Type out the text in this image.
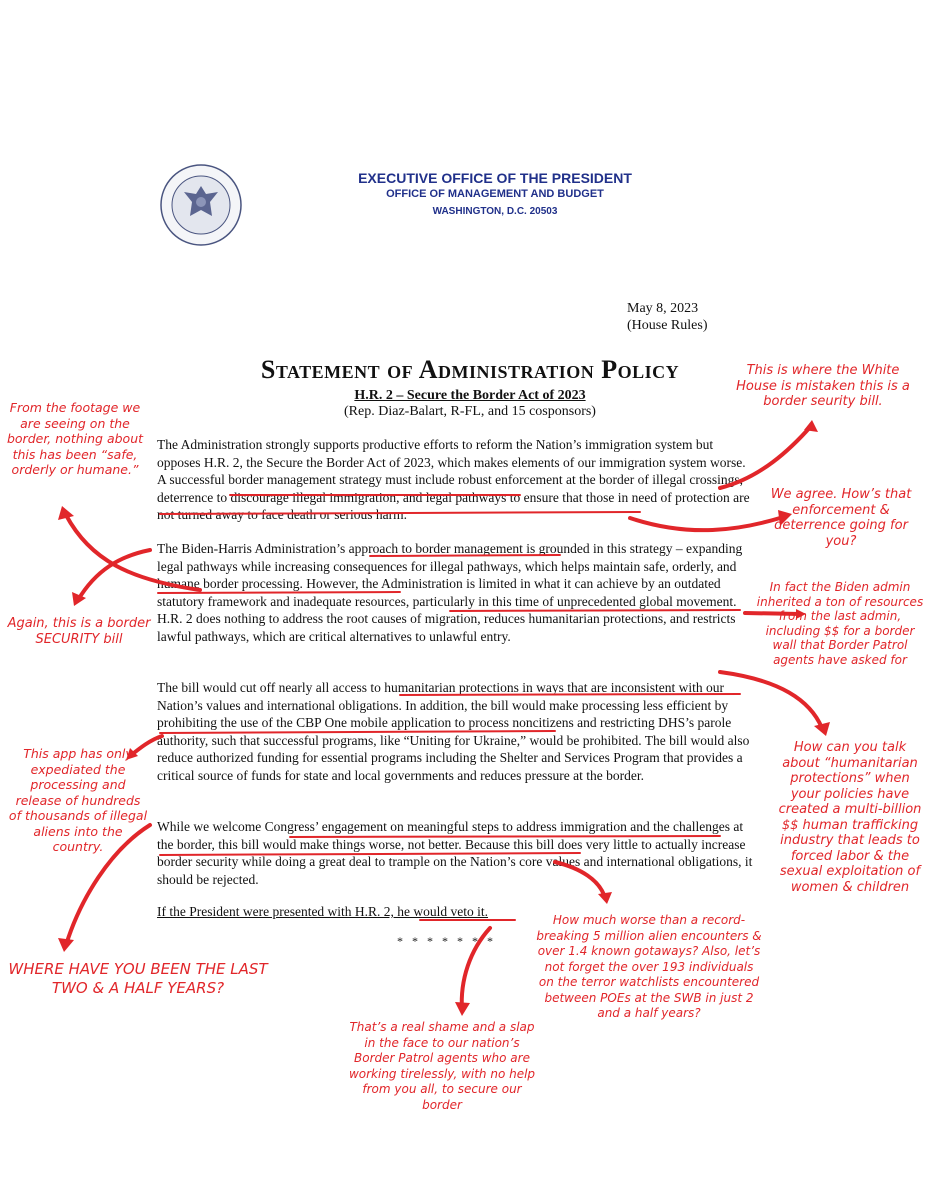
EXECUTIVE OFFICE OF THE PRESIDENT
OFFICE OF MANAGEMENT AND BUDGET
WASHINGTON, D.C. 20503
May 8, 2023
(House Rules)
Statement of Administration Policy
H.R. 2 – Secure the Border Act of 2023
(Rep. Diaz-Balart, R-FL, and 15 cosponsors)
The Administration strongly supports productive efforts to reform the Nation’s immigration system but opposes H.R. 2, the Secure the Border Act of 2023, which makes elements of our immigration system worse. A successful border management strategy must include robust enforcement at the border of illegal crossings, deterrence to discourage illegal immigration, and legal pathways to ensure that those in need of protection are not turned away to face death or serious harm.
The Biden-Harris Administration’s approach to border management is grounded in this strategy – expanding legal pathways while increasing consequences for illegal pathways, which helps maintain safe, orderly, and humane border processing. However, the Administration is limited in what it can achieve by an outdated statutory framework and inadequate resources, particularly in this time of unprecedented global movement. H.R. 2 does nothing to address the root causes of migration, reduces humanitarian protections, and restricts lawful pathways, which are critical alternatives to unlawful entry.
The bill would cut off nearly all access to humanitarian protections in ways that are inconsistent with our Nation’s values and international obligations. In addition, the bill would make processing less efficient by prohibiting the use of the CBP One mobile application to process noncitizens and restricting DHS’s parole authority, such that successful programs, like “Uniting for Ukraine,” would be prohibited. The bill would also reduce authorized funding for essential programs including the Shelter and Services Program that provides a critical source of funds for state and local governments and reduces pressure at the border.
While we welcome Congress’ engagement on meaningful steps to address immigration and the challenges at the border, this bill would make things worse, not better. Because this bill does very little to actually increase border security while doing a great deal to trample on the Nation’s core values and international obligations, it should be rejected.
If the President were presented with H.R. 2, he would veto it.
* * * * * * *
From the footage we are seeing on the border, nothing about this has been “safe, orderly or humane.”
This is where the White House is mistaken this is a border seurity bill.
We agree. How’s that enforcement & deterrence going for you?
Again, this is a border SECURITY bill
In fact the Biden admin inherited a ton of resources from the last admin, including $$ for a border wall that Border Patrol agents have asked for
This app has only expediated the processing and release of hundreds of thousands of illegal aliens into the country.
How can you talk about “humanitarian protections” when your policies have created a multi-billion $$ human trafficking industry that leads to forced labor & the sexual exploitation of women & children
WHERE HAVE YOU BEEN THE LAST TWO & A HALF YEARS?
How much worse than a record-breaking 5 million alien encounters & over 1.4 known gotaways? Also, let’s not forget the over 193 individuals on the terror watchlists encountered between POEs at the SWB in just 2 and a half years?
That’s a real shame and a slap in the face to our nation’s Border Patrol agents who are working tirelessly, with no help from you all, to secure our border
